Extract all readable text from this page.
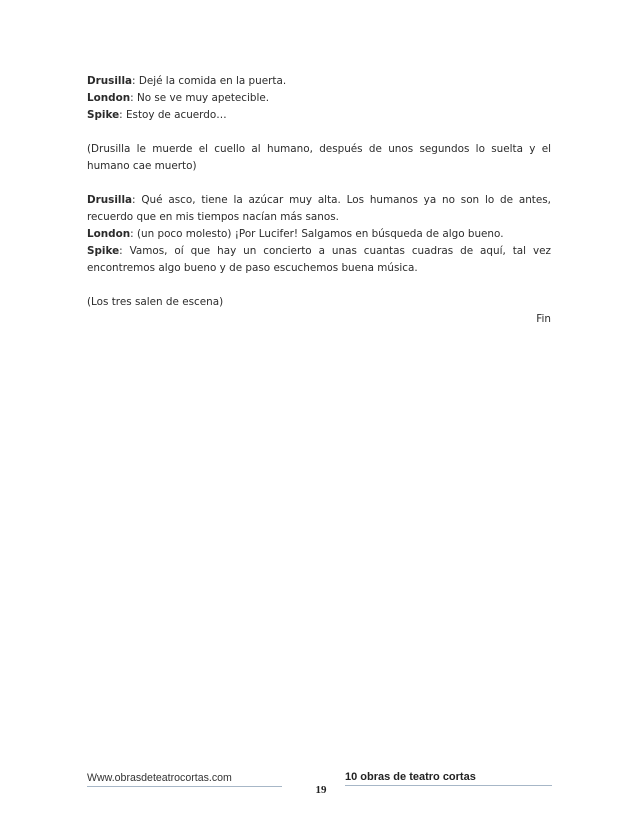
Drusilla: Dejé la comida en la puerta.

London: No se ve muy apetecible.

Spike: Estoy de acuerdo…

(Drusilla le muerde el cuello al humano, después de unos segundos lo suelta y el humano cae muerto)

Drusilla: Qué asco, tiene la azúcar muy alta. Los humanos ya no son lo de antes, recuerdo que en mis tiempos nacían más sanos.

London: (un poco molesto) ¡Por Lucifer! Salgamos en búsqueda de algo bueno.

Spike: Vamos, oí que hay un concierto a unas cuantas cuadras de aquí, tal vez encontremos algo bueno y de paso escuchemos buena música.

(Los tres salen de escena)

Fin

Www.obrasdeteatrocortas.com
19
10 obras de teatro cortas
